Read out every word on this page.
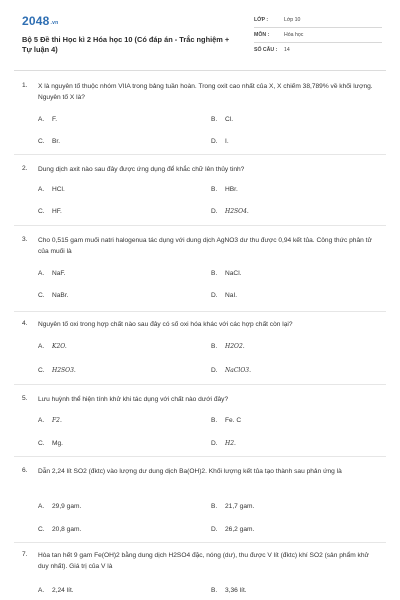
2048.vn
Bộ 5 Đề thi Học kì 2 Hóa học 10 (Có đáp án - Trắc nghiệm + Tự luận 4)
LỚP :	Lớp 10
MÔN :	Hóa học
SỐ CÂU : 14
1. X là nguyên tố thuộc nhóm VIIA trong bảng tuần hoàn. Trong oxit cao nhất của X, X chiếm 38,789% về khối lượng. Nguyên tố X là?
A. F.	B. Cl.
C. Br.	D. I.
2. Dung dịch axit nào sau đây được ứng dụng để khắc chữ lên thủy tinh?
A. HCl.	B. HBr.
C. HF.	D. H2SO4.
3. Cho 0,515 gam muối natri halogenua tác dụng với dung dịch AgNO3 dư thu được 0,94 kết tủa. Công thức phân tử của muối là
A. NaF.	B. NaCl.
C. NaBr.	D. NaI.
4. Nguyên tố oxi trong hợp chất nào sau đây có số oxi hóa khác với các hợp chất còn lại?
A. K2O.	B. H2O2.
C. H2SO3.	D. NaClO3.
5. Lưu huỳnh thể hiện tính khử khi tác dụng với chất nào dưới đây?
A. F2.	B. Fe. C
C. Mg.	D. H2.
6. Dẫn 2,24 lít SO2 (đktc) vào lượng dư dung dịch Ba(OH)2. Khối lượng kết tủa tạo thành sau phản ứng là
A. 29,9 gam.	B. 21,7 gam.
C. 20,8 gam.	D. 26,2 gam.
7. Hòa tan hết 9 gam Fe(OH)2 bằng dung dịch H2SO4 đặc, nóng (dư), thu được V lít (đktc) khí SO2 (sản phẩm khử duy nhất). Giá trị của V là
A. 2,24 lít.	B. 3,36 lít.
